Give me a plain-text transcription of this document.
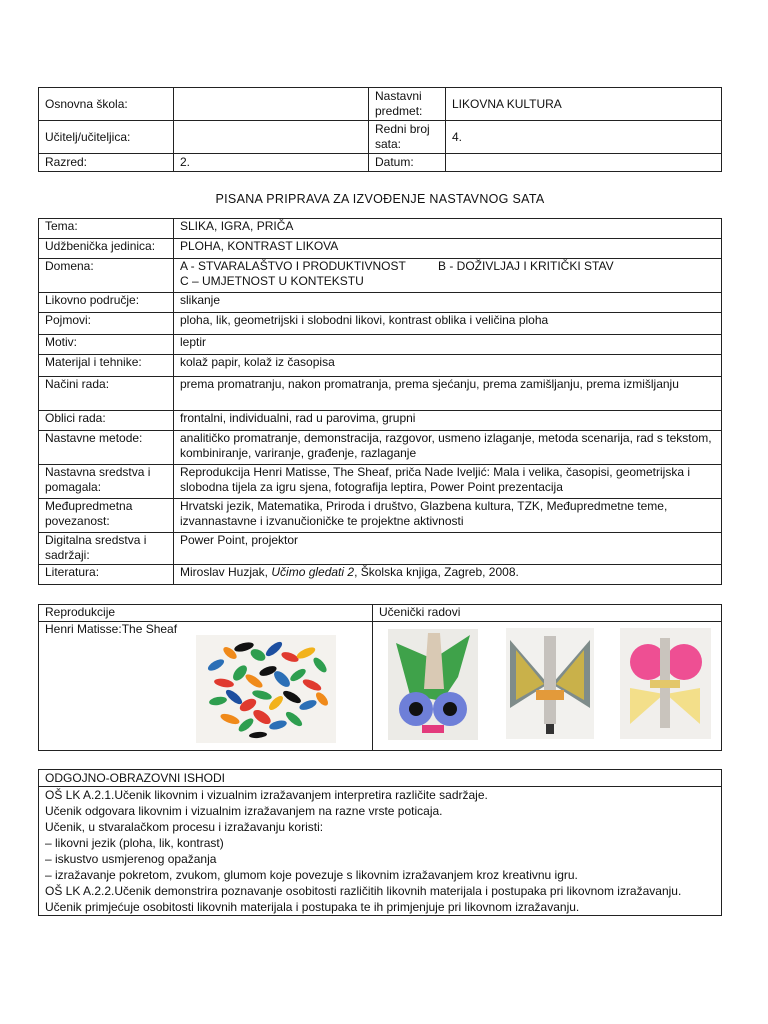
Osnovna škola:		Nastavni predmet:	LIKOVNA KULTURA
Učitelj/učiteljica:		Redni broj sata:	4.
Razred:	2.	Datum:	
PISANA PRIPRAVA ZA IZVOĐENJE NASTAVNOG SATA
Tema:	SLIKA, IGRA, PRIČA
Udžbenička jedinica:	PLOHA, KONTRAST LIKOVA
Domena:	A - STVARALAŠTVO I PRODUKTIVNOST B - DOŽIVLJAJ I KRITIČKI STAV
C – UMJETNOST U KONTEKSTU

Likovno područje:	slikanje
Pojmovi:	ploha, lik, geometrijski i slobodni likovi, kontrast oblika i veličina ploha
Motiv:	leptir
Materijal i tehnike:	kolaž papir, kolaž iz časopisa
Načini rada:	prema promatranju, nakon promatranja, prema sjećanju, prema zamišljanju, prema izmišljanju
Oblici rada:	frontalni, individualni, rad u parovima, grupni
Nastavne metode:	analitičko promatranje, demonstracija, razgovor, usmeno izlaganje, metoda scenarija, rad s tekstom, kombiniranje, variranje, građenje, razlaganje
Nastavna sredstva i pomagala:	Reprodukcija Henri Matisse, The Sheaf, priča Nade Iveljić: Mala i velika, časopisi, geometrijska i slobodna tijela za igru sjena, fotografija leptira, Power Point prezentacija
Međupredmetna povezanost:	Hrvatski jezik, Matematika, Priroda i društvo, Glazbena kultura, TZK, Međupredmetne teme, izvannastavne i izvanučioničke te projektne aktivnosti
Digitalna sredstva i sadržaji:	Power Point, projektor
Literatura:	Miroslav Huzjak, Učimo gledati 2, Školska knjiga, Zagreb, 2008.
Reprodukcije	Učenički radovi
Henri Matisse:The Sheaf	
ODGOJNO-OBRAZOVNI ISHODI

OŠ LK A.2.1.Učenik likovnim i vizualnim izražavanjem interpretira različite sadržaje.
Učenik odgovara likovnim i vizualnim izražavanjem na razne vrste poticaja.
Učenik, u stvaralačkom procesu i izražavanju koristi:
– likovni jezik (ploha, lik, kontrast)
– iskustvo usmjerenog opažanja
– izražavanje pokretom, zvukom, glumom koje povezuje s likovnim izražavanjem kroz kreativnu igru.
OŠ LK A.2.2.Učenik demonstrira poznavanje osobitosti različitih likovnih materijala i postupaka pri likovnom izražavanju.
Učenik primjećuje osobitosti likovnih materijala i postupaka te ih primjenjuje pri likovnom izražavanju.
